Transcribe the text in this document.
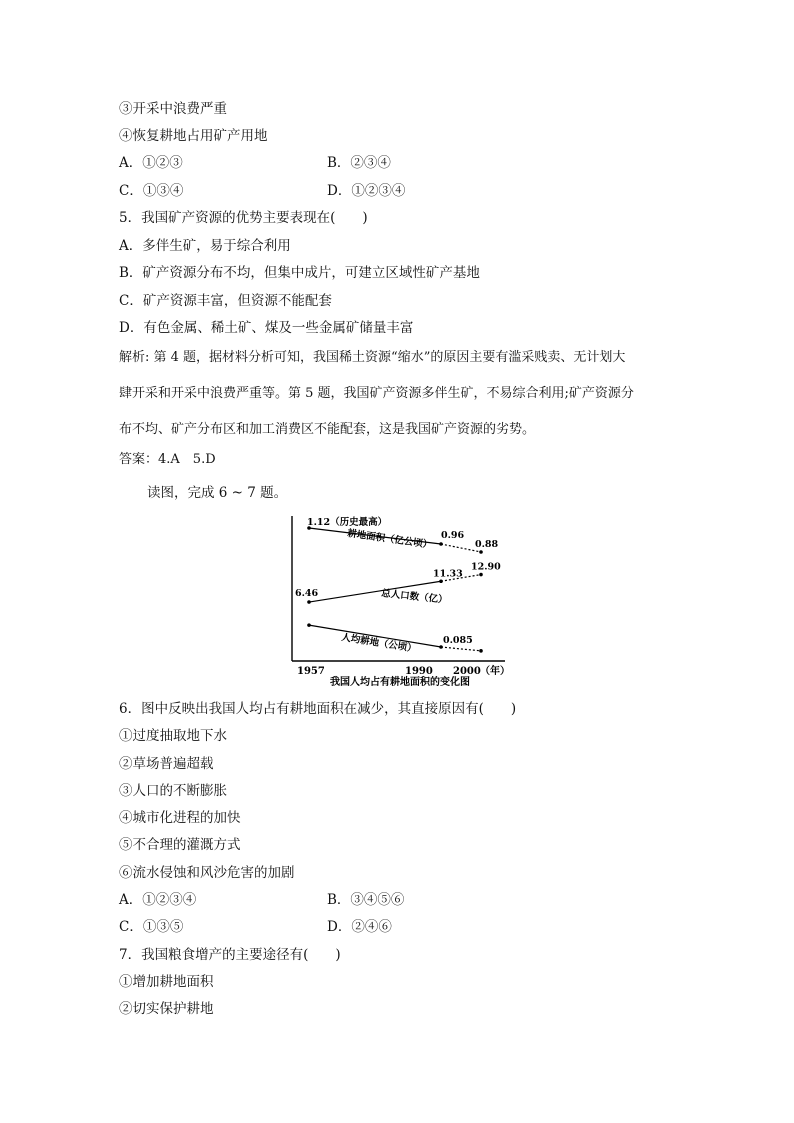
③开采中浪费严重
④恢复耕地占用矿产用地
A．①②③	B．②③④
C．①③④	D．①②③④
5．我国矿产资源的优势主要表现在(　　)
A．多伴生矿，易于综合利用
B．矿产资源分布不均，但集中成片，可建立区域性矿产基地
C．矿产资源丰富，但资源不能配套
D．有色金属、稀土矿、煤及一些金属矿储量丰富
解析: 第 4 题，据材料分析可知，我国稀土资源“缩水”的原因主要有滥采贱卖、无计划大
肆开采和开采中浪费严重等。第 5 题，我国矿产资源多伴生矿，不易综合利用;矿产资源分
布不均、矿产分布区和加工消费区不能配套，这是我国矿产资源的劣势。
答案：4.A　5.D
读图，完成 6 ~ 7 题。
1.12（历史最高）
0.96
0.88
耕地面积（亿公顷）
6.46
11.33
12.90
总人口数（亿）
0.085
人均耕地（公顷）
1957	1990 2000 （年）
我国人均占有耕地面积的变化图
6．图中反映出我国人均占有耕地面积在减少，其直接原因有(　　)
①过度抽取地下水
②草场普遍超载
③人口的不断膨胀
④城市化进程的加快
⑤不合理的灌溉方式
⑥流水侵蚀和风沙危害的加剧
A．①②③④	B．③④⑤⑥
C．①③⑤	D．②④⑥
7．我国粮食增产的主要途径有(　　)
①增加耕地面积
②切实保护耕地
